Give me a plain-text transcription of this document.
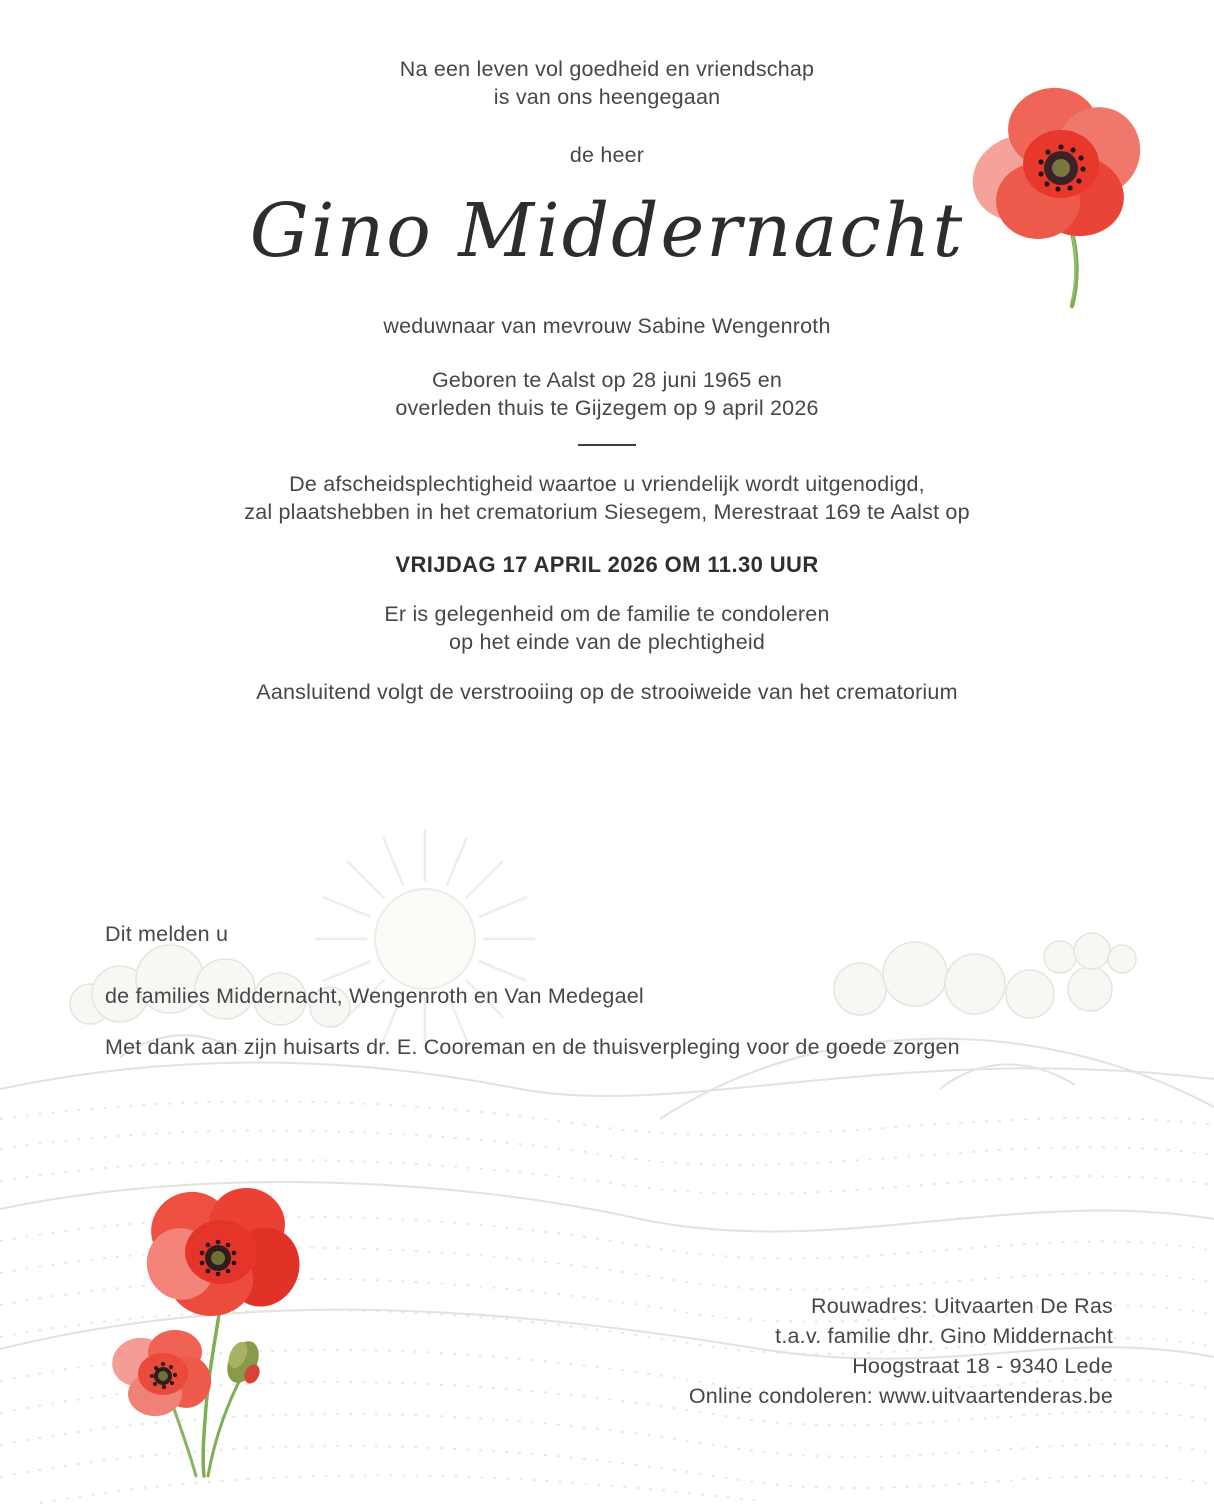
Na een leven vol goedheid en vriendschap
is van ons heengegaan
de heer
Gino Middernacht
weduwnaar van mevrouw Sabine Wengenroth
Geboren te Aalst op 28 juni 1965 en
overleden thuis te Gijzegem op 9 april 2026
De afscheidsplechtigheid waartoe u vriendelijk wordt uitgenodigd,
zal plaatshebben in het crematorium Siesegem, Merestraat 169 te Aalst op
VRIJDAG 17 APRIL 2026 OM 11.30 UUR
Er is gelegenheid om de familie te condoleren
op het einde van de plechtigheid
Aansluitend volgt de verstrooiing op de strooiweide van het crematorium
Dit melden u
de families Middernacht, Wengenroth en Van Medegael
Met dank aan zijn huisarts dr. E. Cooreman en de thuisverpleging voor de goede zorgen
Rouwadres: Uitvaarten De Ras
t.a.v. familie dhr. Gino Middernacht
Hoogstraat 18 - 9340 Lede
Online condoleren: www.uitvaartenderas.be
